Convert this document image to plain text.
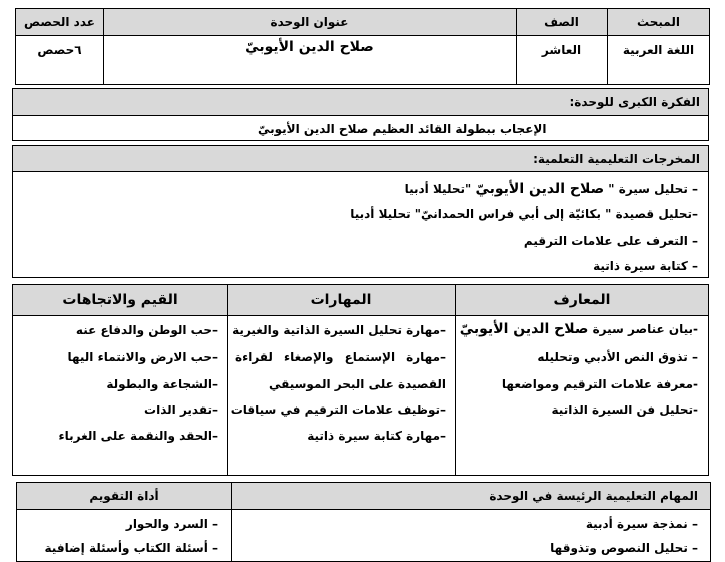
المبحث
الصف
عنوان الوحدة
عدد الحصص
اللغة العربية
العاشر
صلاح الدين الأيوبيّ
٦حصص
الفكرة الكبرى للوحدة:
الإعجاب ببطولة القائد العظيم صلاح الدين الأيوبيّ
المخرجات التعليمية التعلمية:
– تحليل سيرة " صلاح الدين الأيوبيّ "تحليلا أدبيا
–تحليل قصيدة " بكائيّة إلى أبي فراس الحمدانيّ" تحليلا أدبيا
– التعرف على علامات الترقيم
– كتابة سيرة ذاتية
المعارف
المهارات
القيم والاتجاهات
-بيان عناصر سيرة صلاح الدين الأيوبيّ
– تذوق النص الأدبي وتحليله
-معرفة علامات الترقيم ومواضعها
-تحليل فن السيرة الذاتية
–مهارة تحليل السيرة الذاتية والغيرية
–مهارة الإستماع والإصغاء لقراءة
القصيدة على البحر الموسيقي
–توظيف علامات الترقيم في سياقات
–مهارة كتابة سيرة ذاتية
–حب الوطن والدفاع عنه
–حب الارض والانتماء اليها
–الشجاعة والبطولة
–تقدير الذات
–الحقد والنقمة على الغرباء
المهام التعليمية الرئيسة في الوحدة
أداة التقويم
– نمذجة سيرة أدبية
– تحليل النصوص وتذوقها
– السرد والحوار
– أسئلة الكتاب وأسئلة إضافية
